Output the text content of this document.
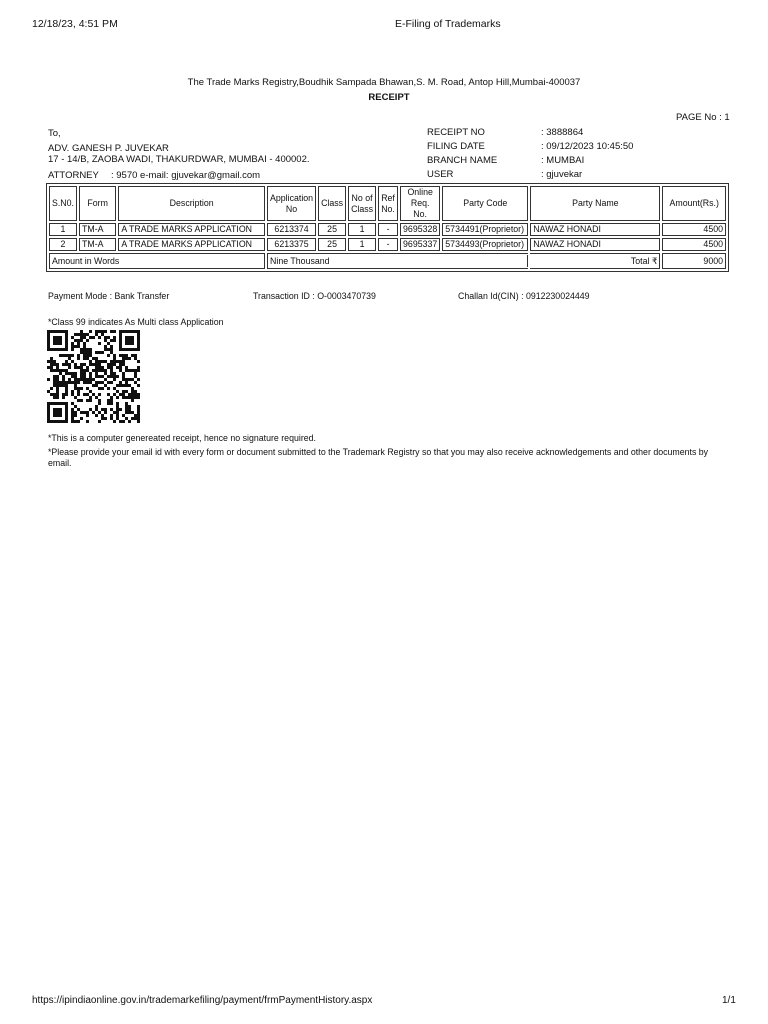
12/18/23, 4:51 PM	E-Filing of Trademarks
The Trade Marks Registry,Boudhik Sampada Bhawan,S. M. Road, Antop Hill,Mumbai-400037
RECEIPT
PAGE No : 1
To,
ADV. GANESH P. JUVEKAR
17 - 14/B, ZAOBA WADI, THAKURDWAR, MUMBAI - 400002.
ATTORNEY : 9570 e-mail: gjuvekar@gmail.com
RECEIPT NO	: 3888864
FILING DATE	: 09/12/2023 10:45:50
BRANCH NAME	: MUMBAI
USER	: gjuvekar
S.N0.	Form	Description	Application No	Class	No of Class	Ref No.	Online Req. No.	Party Code	Party Name	Amount(Rs.)
1	TM-A	A TRADE MARKS APPLICATION	6213374	25	1	-	9695328	5734491(Proprietor)	NAWAZ HONADI	4500
2	TM-A	A TRADE MARKS APPLICATION	6213375	25	1	-	9695337	5734493(Proprietor)	NAWAZ HONADI	4500
Amount in Words			Nine Thousand						Total ₹	9000
Payment Mode : Bank Transfer	Transaction ID : O-0003470739	Challan Id(CIN) : 0912230024449
*Class 99 indicates As Multi class Application
*This is a computer genereated receipt, hence no signature required.
*Please provide your email id with every form or document submitted to the Trademark Registry so that you may also receive acknowledgements and other documents by email.
https://ipindiaonline.gov.in/trademarkefiling/payment/frmPaymentHistory.aspx	1/1
